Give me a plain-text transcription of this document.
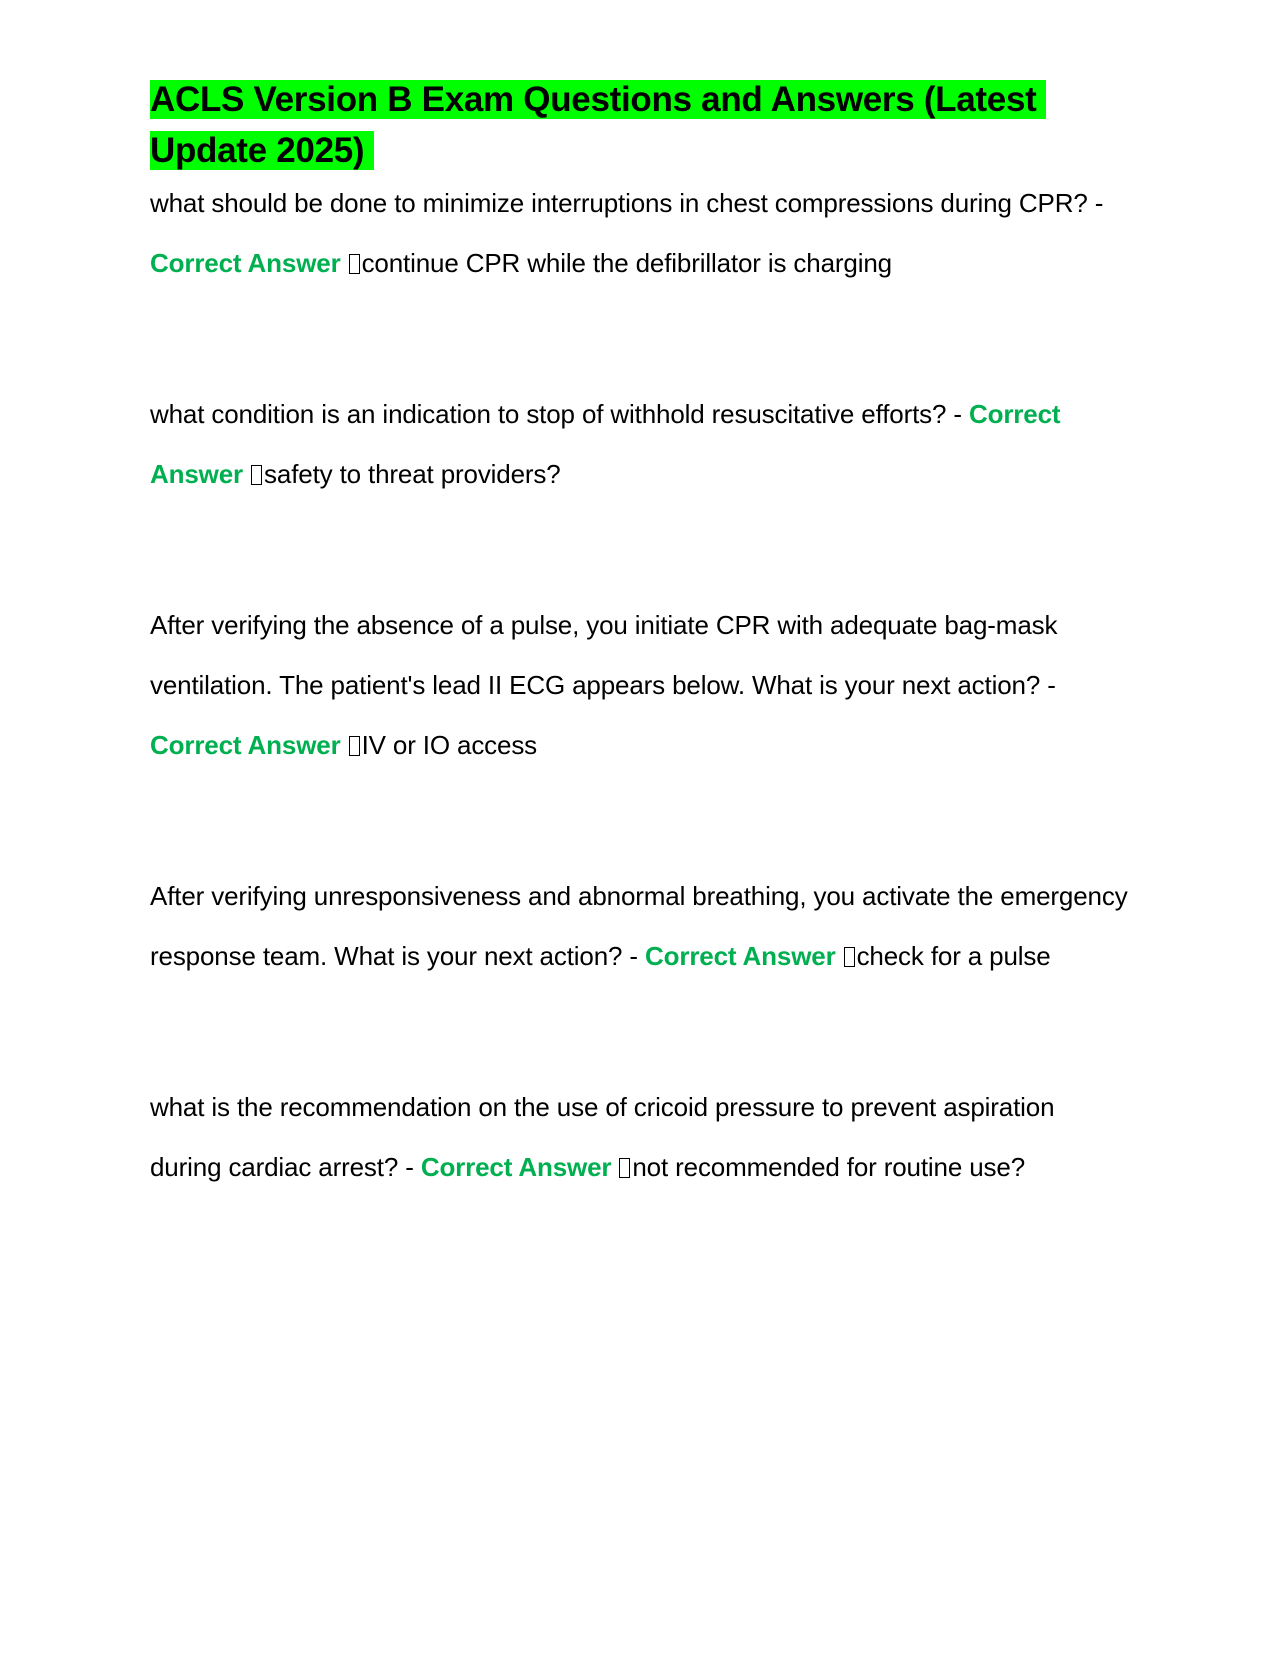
ACLS Version B Exam Questions and Answers (Latest Update 2025)

what should be done to minimize interruptions in chest compressions during CPR? - Correct Answer continue CPR while the defibrillator is charging

what condition is an indication to stop of withhold resuscitative efforts? - Correct Answer safety to threat providers?

After verifying the absence of a pulse, you initiate CPR with adequate bag-mask ventilation. The patient's lead II ECG appears below. What is your next action? - Correct Answer IV or IO access

After verifying unresponsiveness and abnormal breathing, you activate the emergency response team. What is your next action? - Correct Answer check for a pulse

what is the recommendation on the use of cricoid pressure to prevent aspiration during cardiac arrest? - Correct Answer not recommended for routine use?
